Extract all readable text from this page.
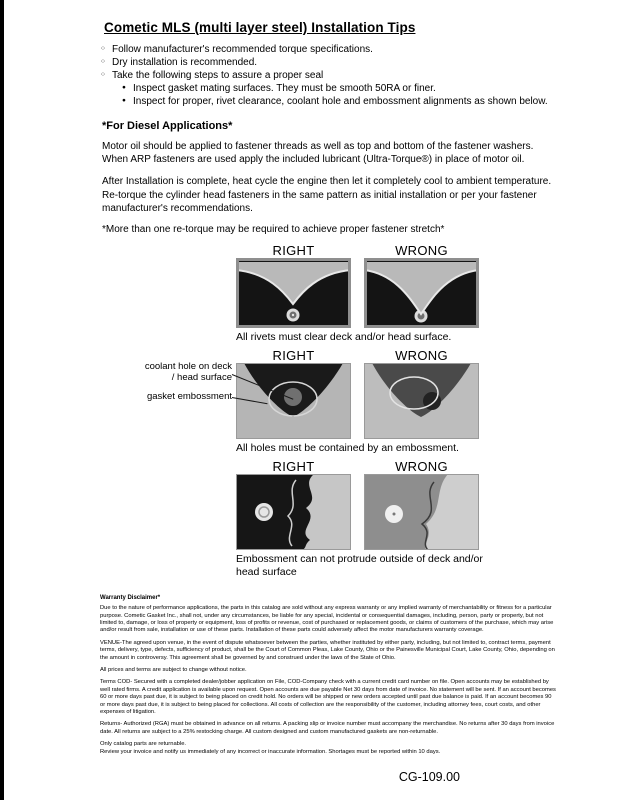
Cometic MLS (multi layer steel) Installation Tips
○ Follow manufacturer's recommended torque specifications.
○ Dry installation is recommended.
○ Take the following steps to assure a proper seal
● Inspect gasket mating surfaces. They must be smooth 50RA or finer.
● Inspect for proper, rivet clearance, coolant hole and embossment alignments as shown below.
*For Diesel Applications*

Motor oil should be applied to fastener threads as well as top and bottom of the fastener washers. When ARP fasteners are used apply the included lubricant (Ultra-Torque®) in place of motor oil.

After Installation is complete, heat cycle the engine then let it completely cool to ambient temperature. Re-torque the cylinder head fasteners in the same pattern as initial installation or per your fastener manufacturer's recommendations.

*More than one re-torque may be required to achieve proper fastener stretch*

RIGHT	WRONG
All rivets must clear deck and/or head surface.
RIGHT	WRONG
coolant hole on deck / head surface
gasket embossment
All holes must be contained by an embossment.
RIGHT	WRONG
Embossment can not protrude outside of deck and/or head surface
Warranty Disclaimer*

Due to the nature of performance applications, the parts in this catalog are sold without any express warranty or any implied warranty of merchantability or fitness for a particular purpose. Cometic Gasket Inc., shall not, under any circumstances, be liable for any special, incidental or consequential damages, including, person, party or property, but not limited to, damage, or loss of property or equipment, loss of profits or revenue, cost of purchased or replacement goods, or claims of customers of the purchase, which may arise and/or result from sale, installation or use of these parts. Installation of these parts could adversely affect the motor manufacturers warranty coverage.

VENUE-The agreed upon venue, in the event of dispute whatsoever between the parties, whether instituted by either party, including, but not limited to, contract terms, payment terms, delivery, type, defects, sufficiency of product, shall be the Court of Common Pleas, Lake County, Ohio or the Painesville Municipal Court, Lake County, Ohio, depending on the amount in controversy. This agreement shall be governed by and construed under the laws of the State of Ohio.

All prices and terms are subject to change without notice.

Terms COD- Secured with a completed dealer/jobber application on File, COD-Company check with a current credit card number on file. Open accounts may be established by well rated firms. A credit application is available upon request. Open accounts are due payable Net 30 days from date of invoice. No statement will be sent. If an account becomes 60 or more days past due, it is subject to being placed on credit hold. No orders will be shipped or new orders accepted until past due balance is paid. If an account becomes 90 or more days past due, it is subject to being placed for collections. All costs of collection are the responsibility of the customer, including attorney fees, court costs, and other expenses of litigation.

Returns- Authorized (RGA) must be obtained in advance on all returns. A packing slip or invoice number must accompany the merchandise. No returns after 30 days from invoice date. All returns are subject to a 25% restocking charge. All custom designed and custom manufactured gaskets are non-returnable.

Only catalog parts are returnable.

Review your invoice and notify us immediately of any incorrect or inaccurate information. Shortages must be reported within 10 days.

CG-109.00
